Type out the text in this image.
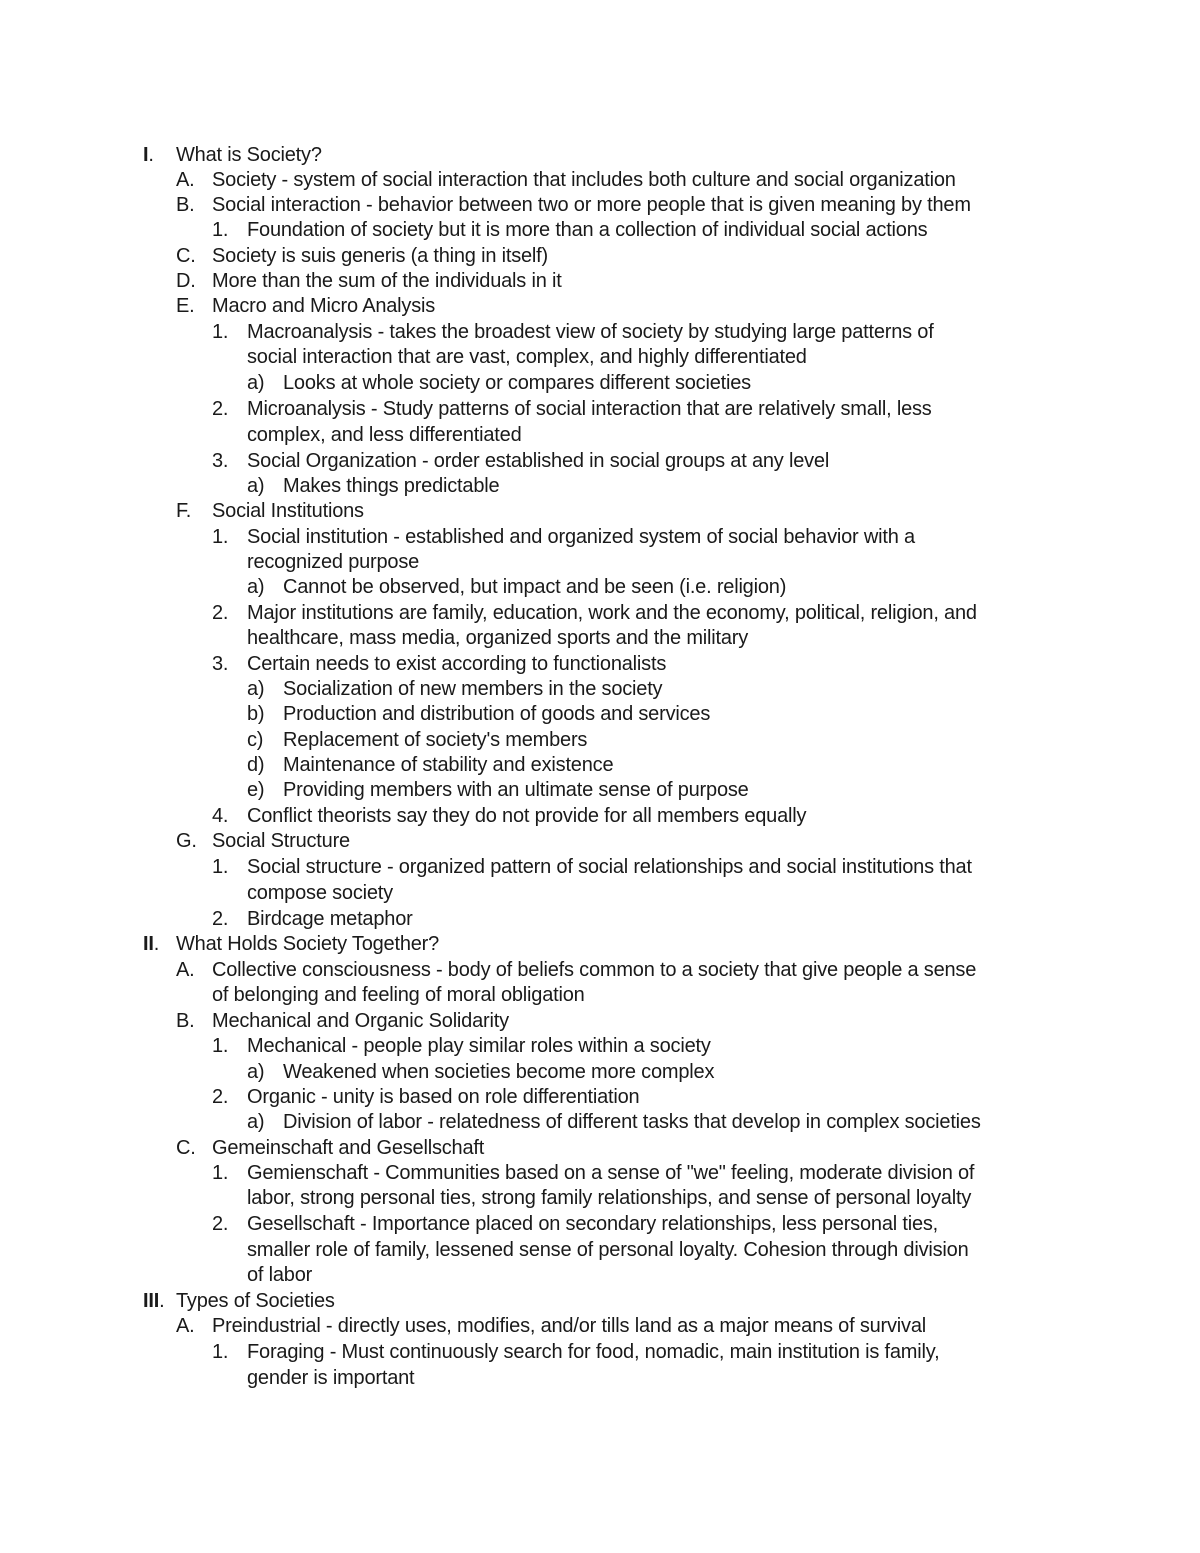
I. What is Society?
A. Society - system of social interaction that includes both culture and social organization
B. Social interaction - behavior between two or more people that is given meaning by them
1. Foundation of society but it is more than a collection of individual social actions
C. Society is suis generis (a thing in itself)
D. More than the sum of the individuals in it
E. Macro and Micro Analysis
1. Macroanalysis - takes the broadest view of society by studying large patterns of
social interaction that are vast, complex, and highly differentiated
a) Looks at whole society or compares different societies
2. Microanalysis - Study patterns of social interaction that are relatively small, less
complex, and less differentiated
3. Social Organization - order established in social groups at any level
a) Makes things predictable
F. Social Institutions
1. Social institution - established and organized system of social behavior with a
recognized purpose
a) Cannot be observed, but impact and be seen (i.e. religion)
2. Major institutions are family, education, work and the economy, political, religion, and
healthcare, mass media, organized sports and the military
3. Certain needs to exist according to functionalists
a) Socialization of new members in the society
b) Production and distribution of goods and services
c) Replacement of society's members
d) Maintenance of stability and existence
e) Providing members with an ultimate sense of purpose
4. Conflict theorists say they do not provide for all members equally
G. Social Structure
1. Social structure - organized pattern of social relationships and social institutions that
compose society
2. Birdcage metaphor
II. What Holds Society Together?
A. Collective consciousness - body of beliefs common to a society that give people a sense
of belonging and feeling of moral obligation
B. Mechanical and Organic Solidarity
1. Mechanical - people play similar roles within a society
a) Weakened when societies become more complex
2. Organic - unity is based on role differentiation
a) Division of labor - relatedness of different tasks that develop in complex societies
C. Gemeinschaft and Gesellschaft
1. Gemienschaft - Communities based on a sense of "we" feeling, moderate division of
labor, strong personal ties, strong family relationships, and sense of personal loyalty
2. Gesellschaft - Importance placed on secondary relationships, less personal ties,
smaller role of family, lessened sense of personal loyalty. Cohesion through division
of labor
III. Types of Societies
A. Preindustrial - directly uses, modifies, and/or tills land as a major means of survival
1. Foraging - Must continuously search for food, nomadic, main institution is family,
gender is important
